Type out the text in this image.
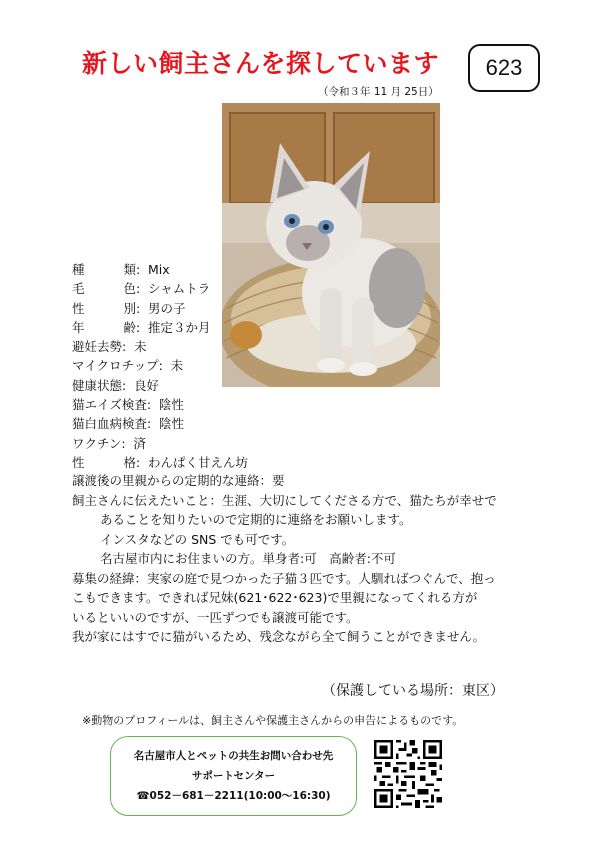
新しい飼主さんを探しています	623
（令和３年 11 月 25日）
種	類 : Mix
毛	色 : シャムトラ
性	別 : 男の子
年	齢 : 推定３か月
避妊去勢 : 未
マイクロチップ : 未
健康状態 : 良好
猫エイズ検査 : 陰性
猫白血病検査 : 陰性
ワクチン : 済
性	格 : わんぱく甘えん坊

譲渡後の里親からの定期的な連絡：要

飼主さんに伝えたいこと：生涯、大切にしてくださる方で、猫たちが幸せで

あることを知りたいので定期的に連絡をお願いします。

インスタなどの SNS でも可です。

名古屋市内にお住まいの方。単身者:可　高齢者:不可

募集の経緯：実家の庭で見つかった子猫３匹です。人馴ればつぐんで、抱っ

こもできます。できれば兄妹(621･622･623)で里親になってくれる方が

いるといいのですが、一匹ずつでも譲渡可能です。

我が家にはすでに猫がいるため、残念ながら全て飼うことができません。

（保護している場所：東区）
※動物のプロフィールは、飼主さんや保護主さんからの申告によるものです。
名古屋市人とペットの共生お問い合わせ先
サポートセンター
☎052－681－2211(10:00～16:30)
